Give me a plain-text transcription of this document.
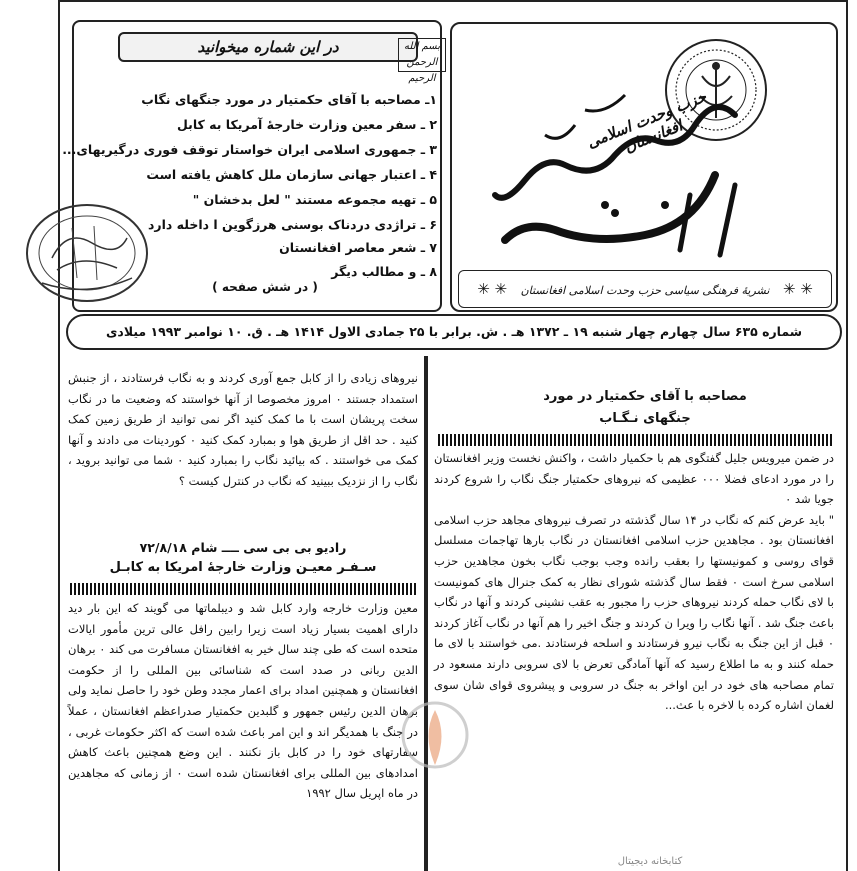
در این شماره میخوانید	بسم الله الرحمن الرحیم
۱ـ مصاحبه با آقای حکمتیار در مورد جنگهای نگاب
۲ ـ سفر معین وزارت خارجهٔ آمریکا به کابل
۳ ـ جمهوری اسلامی ایران خواستار توقف فوری درگیریهای...
۴ ـ اعتبار جهانی سازمان ملل کاهش یافته است
۵ ـ تهیه مجموعه مستند " لعل بدخشان "
۶ ـ تراژدی دردناک بوسنی هرزگوین ا داخله دارد
۷ ـ شعر معاصر افغانستان
۸ ـ و مطالب دیگر
( در شش صفحه )
حزب وحدت اسلامی افغانستان
✳ ✳ نشریهٔ فرهنگی سیاسی حزب وحدت اسلامی افغانستان ✳ ✳
شماره ۶۳۵ سال چهارم چهار شنبه ۱۹ ـ ۱۳۷۲ هـ . ش. برابر با ۲۵ جمادی الاول ۱۴۱۴ هـ . ق. ۱۰ نوامبر ۱۹۹۳ میلادی
مصاحبه با آقای حکمتیار در مورد
جنگهای نـگـاب

در ضمن میرویس جلیل گفتگوی هم با حکمیار داشت ، واکنش نخست وزیر افغانستان را در مورد ادعای فضلا ۰۰۰ عظیمی که نیروهای حکمتیار جنگ نگاب را شروع کردند جویا شد ۰

" باید عرض کنم که نگاب در ۱۴ سال گذشته در تصرف نیروهای مجاهد حزب اسلامی افغانستان بود . مجاهدین حزب اسلامی افغانستان در نگاب بارها تهاجمات مسلسل قوای روسی و کمونیستها را بعقب رانده وجب بوجب نگاب بخون مجاهدین حزب اسلامی سرخ است ۰ فقط سال گذشته شورای نظار به کمک جنرال های کمونیست با لای نگاب حمله کردند نیروهای حزب را مجبور به عقب نشینی کردند و آنها در نگاب باعث جنگ شد . آنها نگاب را ویرا ن کردند و جنگ اخیر را هم آنها در نگاب آغاز کردند ۰ قبل از این جنگ به نگاب نیرو فرستادند و اسلحه فرستادند .می خواستند با لای ما حمله کنند و به ما اطلاع رسید که آنها آمادگی تعرض با لای سروبی دارند مسعود در تمام مصاحبه های خود در این اواخر به جنگ در سروبی و پیشروی قوای شان سوی لغمان اشاره کرده با لاخره با عث...

نیروهای زیادی را از کابل جمع آوری کردند و به نگاب فرستادند ، از جنبش استمداد جستند ۰ امروز مخصوصا از آنها خواستند که وضعیت ما در نگاب سخت پریشان است با ما کمک کنید اگر نمی توانید از طریق زمین کمک کنید . حد اقل از طریق هوا و بمبارد کمک کنید ۰ کوردینات می دادند و آنها کمک می خواستند . که بیائید نگاب را بمبارد کنید ۰ شما می توانید بروید ، نگاب را از نزدیک ببینید که نگاب در کنترل کیست ؟

رادیو بی بی سی ــــ شام ۷۲/۸/۱۸
سـفـر معیـن وزارت خارجهٔ امریکا به کابـل

معین وزارت خارجه وارد کابل شد و دیبلماتها می گویند که این بار دید دارای اهمیت بسیار زیاد است زیرا رابین رافل عالی ترین مأمور ایالات متحده است که طی چند سال خیر به افغانستان مسافرت می کند ۰ برهان الدین ربانی در صدد است که شناسائی بین المللی را از حکومت افغانستان و همچنین امداد برای اعمار مجدد وطن خود را حاصل نماید ولی برهان الدین رئیس جمهور و گلبدین حکمتیار صدراعظم افغانستان ، عملاً در جنگ با همدیگر اند و این امر باعث شده است که اکثر حکومات غربی ، سفارتهای خود را در کابل باز نکنند . این وضع همچنین باعث کاهش امدادهای بین المللی برای افغانستان شده است ۰ از زمانی که مجاهدین در ماه اپریل سال ۱۹۹۲

کتابخانه دیجیتال
